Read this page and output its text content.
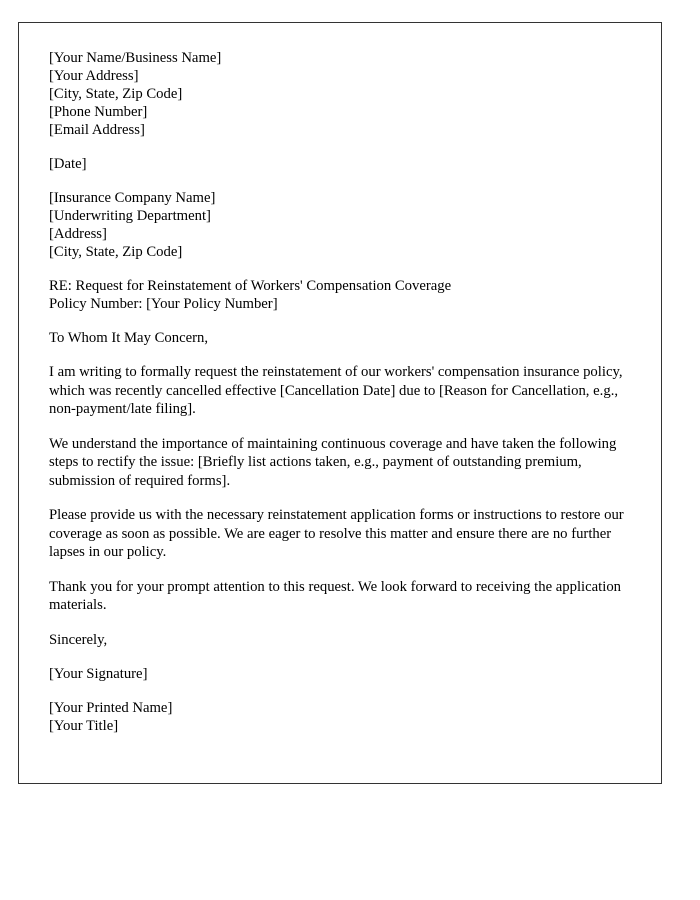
[Your Name/Business Name]
[Your Address]
[City, State, Zip Code]
[Phone Number]
[Email Address]
[Date]
[Insurance Company Name]
[Underwriting Department]
[Address]
[City, State, Zip Code]
RE: Request for Reinstatement of Workers' Compensation Coverage
Policy Number: [Your Policy Number]
To Whom It May Concern,
I am writing to formally request the reinstatement of our workers' compensation insurance policy, which was recently cancelled effective [Cancellation Date] due to [Reason for Cancellation, e.g., non-payment/late filing].
We understand the importance of maintaining continuous coverage and have taken the following steps to rectify the issue: [Briefly list actions taken, e.g., payment of outstanding premium, submission of required forms].
Please provide us with the necessary reinstatement application forms or instructions to restore our coverage as soon as possible. We are eager to resolve this matter and ensure there are no further lapses in our policy.
Thank you for your prompt attention to this request. We look forward to receiving the application materials.
Sincerely,
[Your Signature]
[Your Printed Name]
[Your Title]
